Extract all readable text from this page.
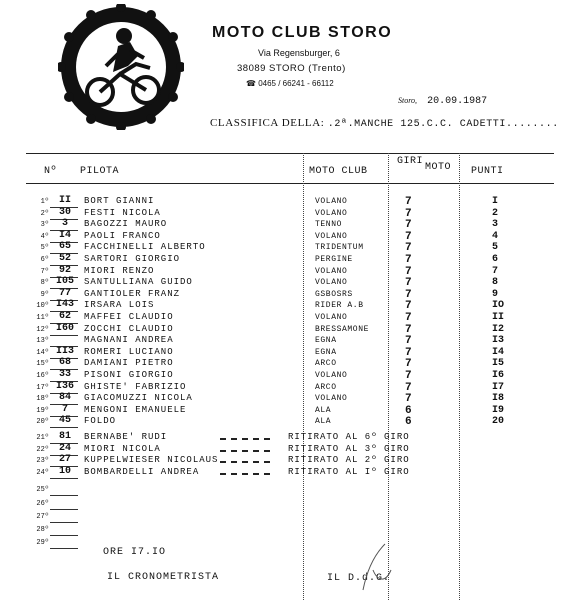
MOTO CLUB STORO
Via Regensburger, 6
38089 STORO (Trento)
☎ 0465 / 66241 - 66112
Storo, 20.09.1987
CLASSIFICA DELLA: .2ª.MANCHE 125.C.C. CADETTI........
Nº PILOTA	MOTO CLUB
GIRI
MOTO PUNTI
1º II	BORT GIANNI	VOLANO	7	I
2º 30	FESTI NICOLA	VOLANO	7	2
3º	3	BAGOZZI MAURO	TENNO	7	3
4º I4	PAOLI FRANCO	VOLANO	7	4
5º 65	FACCHINELLI ALBERTO	TRIDENTUM	7	5
6º 52	SARTORI GIORGIO	PERGINE	7	6
7º 92	MIORI RENZO	VOLANO	7	7
8º I05	SANTULLIANA GUIDO	VOLANO	7	8
9º 77	GANTIOLER FRANZ	GSBOSRS	7	9
10º I43	IRSARA LOIS	RIDER A.B	7	IO
11º 62	MAFFEI CLAUDIO	VOLANO	7	II
12º I60	ZOCCHI CLAUDIO	BRESSAMONE	7	I2
13º	MAGNANI ANDREA	EGNA	7	I3
14º II3	ROMERI LUCIANO	EGNA	7	I4
15º 68	DAMIANI PIETRO	ARCO	7	I5
16º 33	PISONI GIORGIO	VOLANO	7	I6
17º I36	GHISTE' FABRIZIO	ARCO	7	I7
18º 84	GIACOMUZZI NICOLA	VOLANO	7	I8
19º	7	MENGONI EMANUELE	ALA	6	I9
20º 45	FOLDO	ALA	6	20
21º 81	BERNABE' RUDI	RITIRATO AL 6º GIRO
22º 24	MIORI NICOLA	RITIRATO AL 3º GIRO
23º 27	KUPPELWIESER NICOLAUS	RITIRATO AL 2º GIRO
24º 10	BOMBARDELLI ANDREA	RITIRATO AL Iº GIRO
25º
26º
27º
28º
29º
ORE I7.IO
IL CRONOMETRISTA	IL D.d.G.
